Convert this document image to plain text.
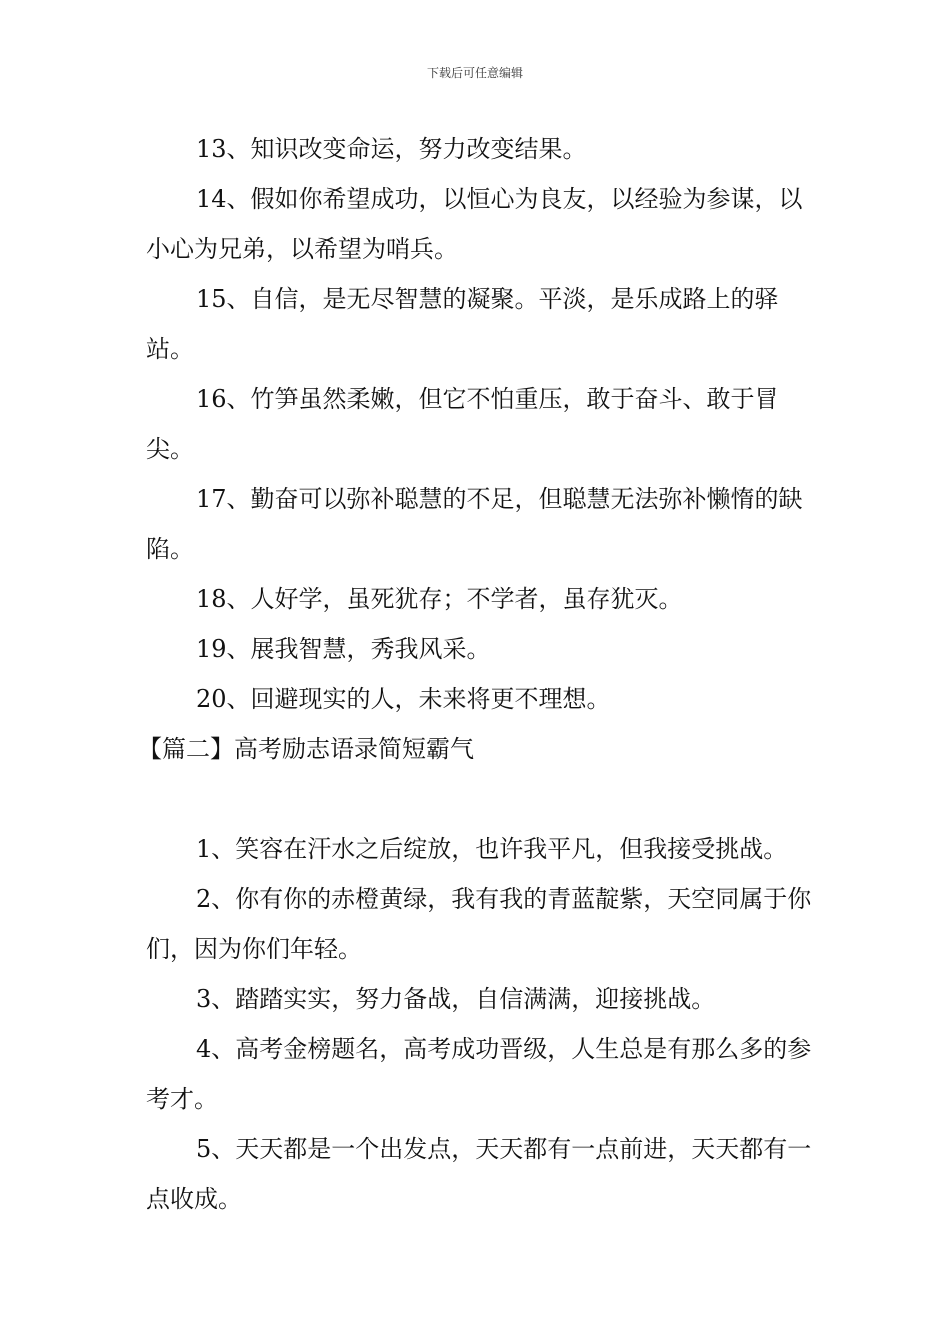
下载后可任意编辑

13、知识改变命运，努力改变结果。

14、假如你希望成功，以恒心为良友，以经验为参谋，以小心为兄弟，以希望为哨兵。

15、自信，是无尽智慧的凝聚。平淡，是乐成路上的驿站。

16、竹笋虽然柔嫩，但它不怕重压，敢于奋斗、敢于冒尖。

17、勤奋可以弥补聪慧的不足，但聪慧无法弥补懒惰的缺陷。

18、人好学，虽死犹存；不学者，虽存犹灭。

19、展我智慧，秀我风采。

20、回避现实的人，未来将更不理想。

【篇二】高考励志语录简短霸气

1、笑容在汗水之后绽放，也许我平凡，但我接受挑战。

2、你有你的赤橙黄绿，我有我的青蓝靛紫，天空同属于你们，因为你们年轻。

3、踏踏实实，努力备战，自信满满，迎接挑战。

4、高考金榜题名，高考成功晋级，人生总是有那么多的参考才。

5、天天都是一个出发点，天天都有一点前进，天天都有一点收成。
